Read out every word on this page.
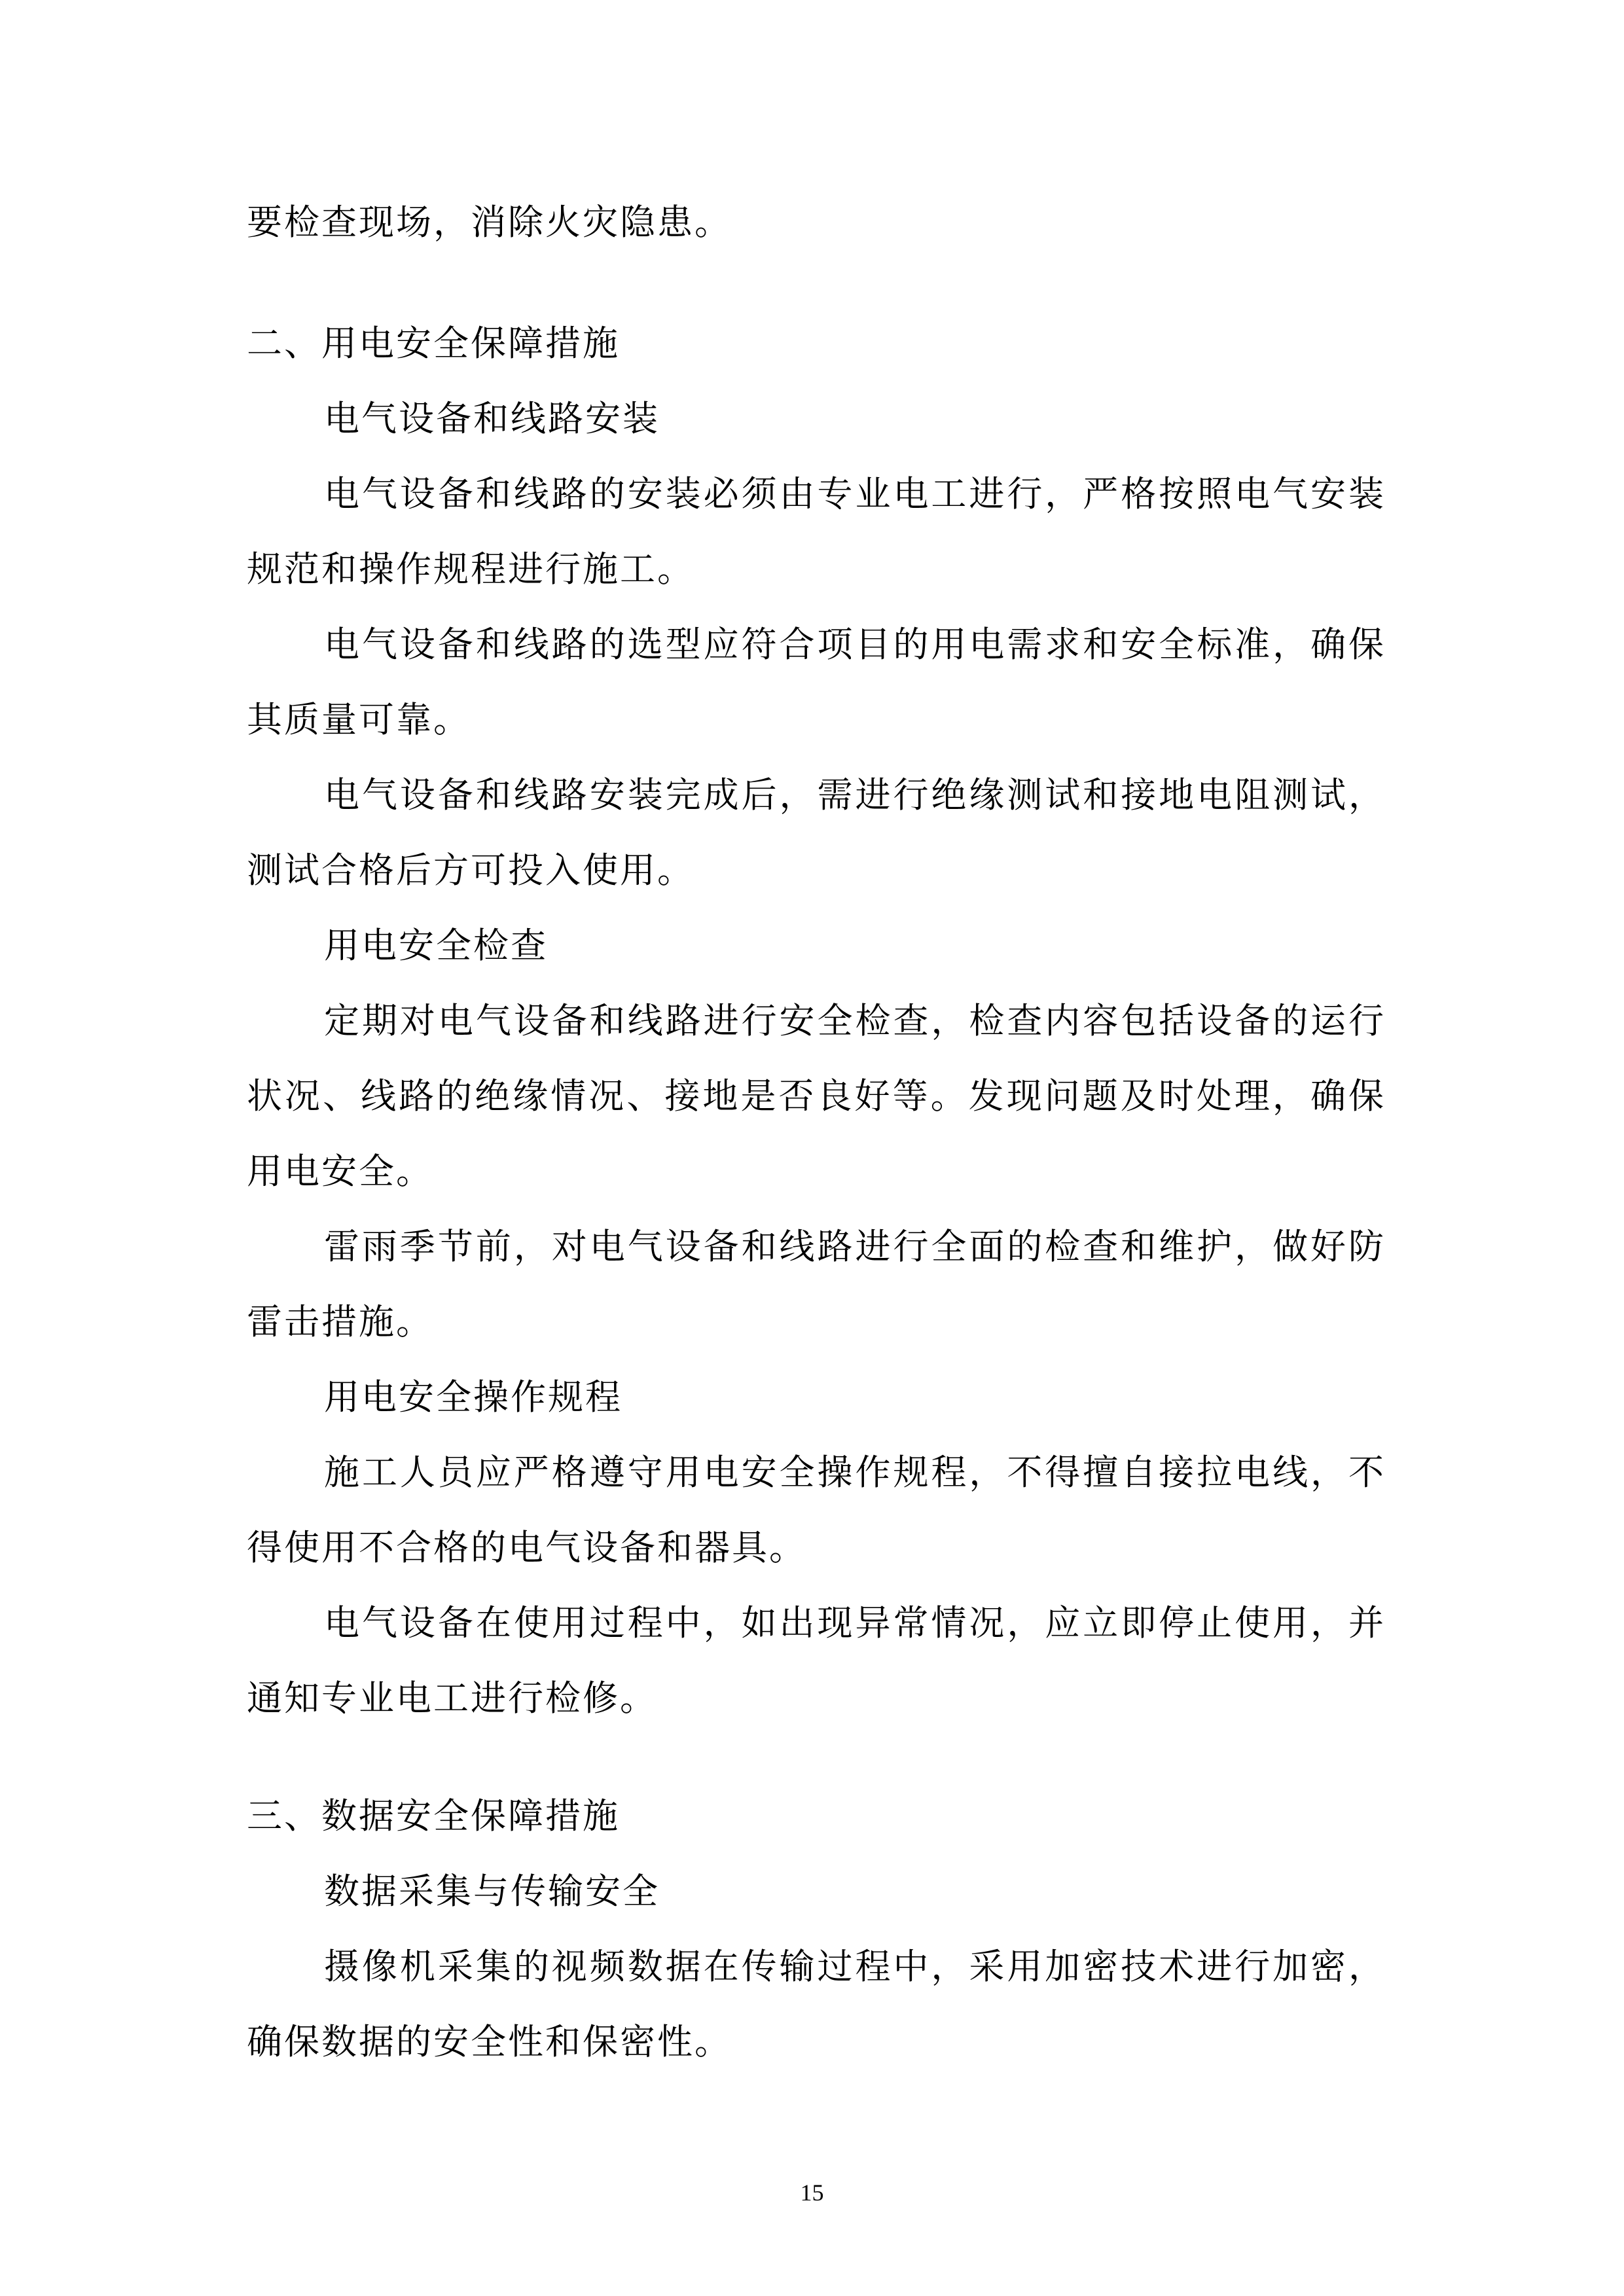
要检查现场，消除火灾隐患。
二、用电安全保障措施
电气设备和线路安装
电气设备和线路的安装必须由专业电工进行，严格按照电气安装
规范和操作规程进行施工。
电气设备和线路的选型应符合项目的用电需求和安全标准，确保
其质量可靠。
电气设备和线路安装完成后，需进行绝缘测试和接地电阻测试，
测试合格后方可投入使用。
用电安全检查
定期对电气设备和线路进行安全检查，检查内容包括设备的运行
状况、线路的绝缘情况、接地是否良好等。发现问题及时处理，确保
用电安全。
雷雨季节前，对电气设备和线路进行全面的检查和维护，做好防
雷击措施。
用电安全操作规程
施工人员应严格遵守用电安全操作规程，不得擅自接拉电线，不
得使用不合格的电气设备和器具。
电气设备在使用过程中，如出现异常情况，应立即停止使用，并
通知专业电工进行检修。
三、数据安全保障措施
数据采集与传输安全
摄像机采集的视频数据在传输过程中，采用加密技术进行加密，
确保数据的安全性和保密性。
15
